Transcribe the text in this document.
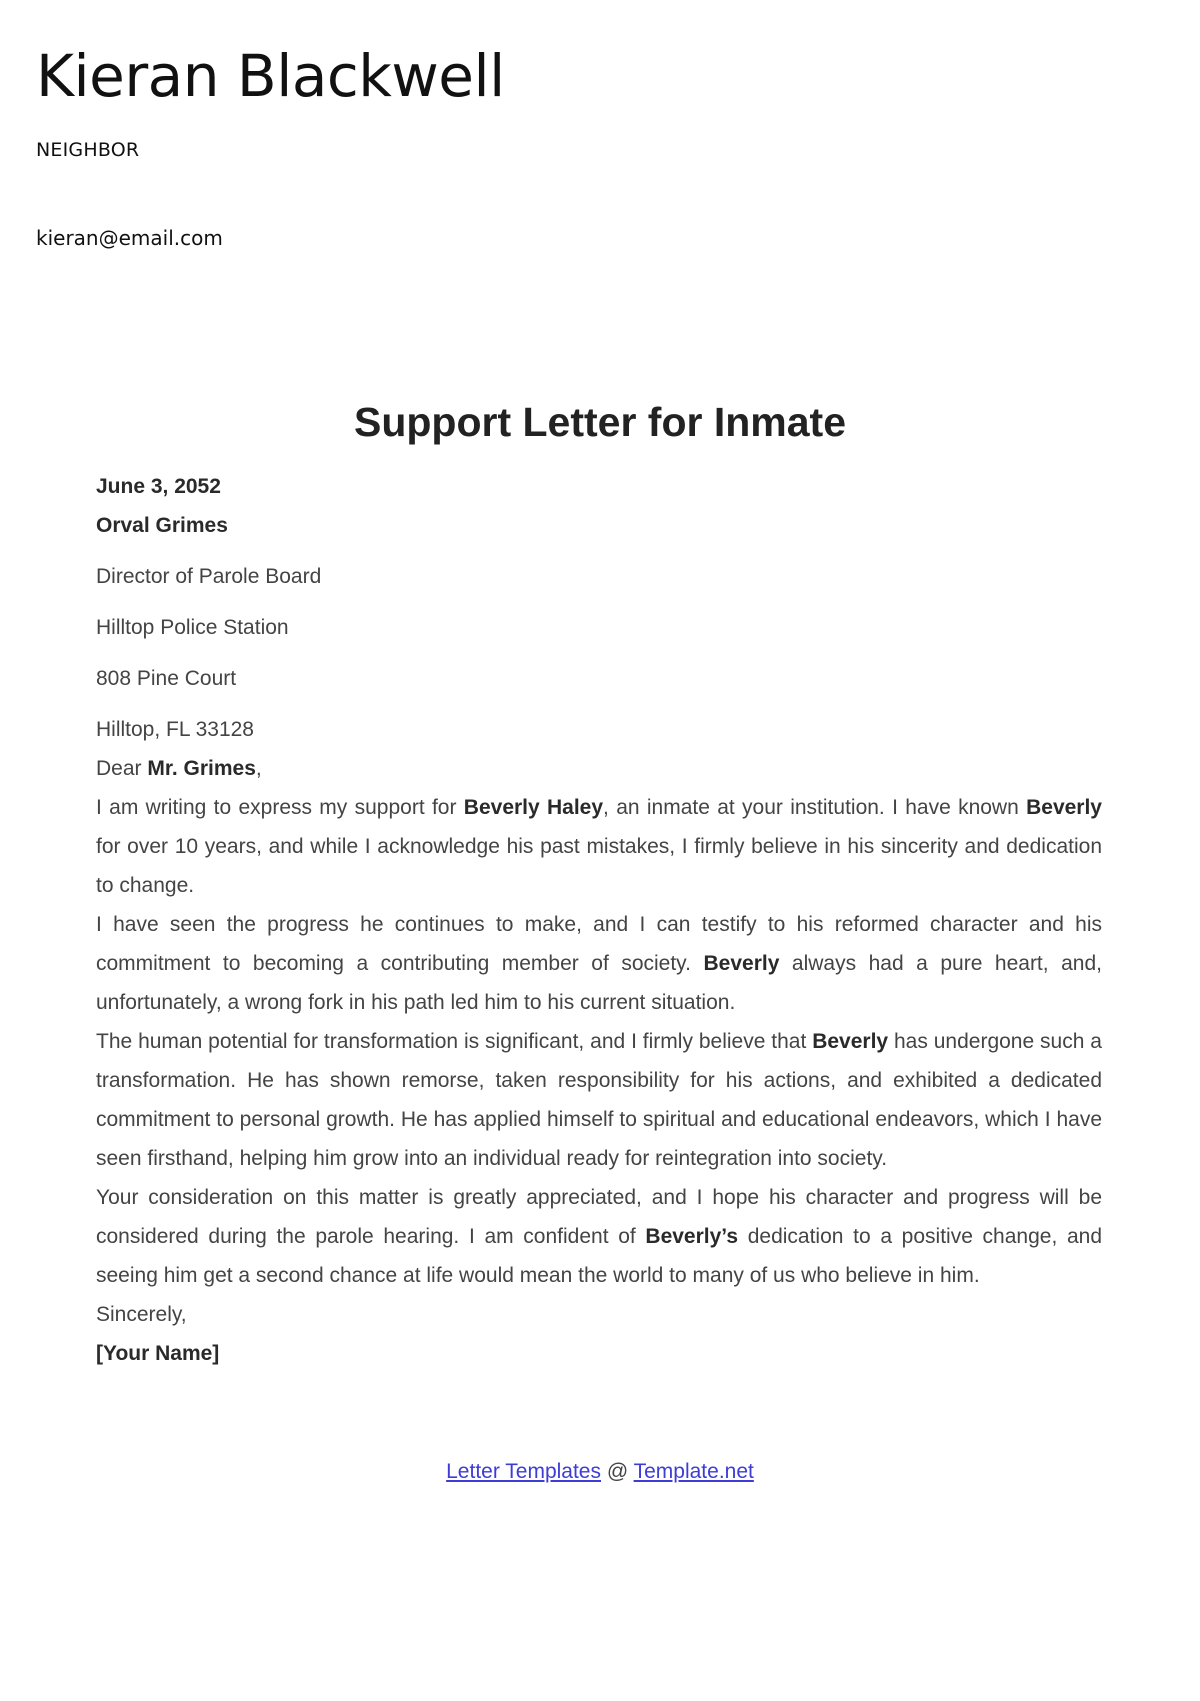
Kieran Blackwell
NEIGHBOR
kieran@email.com
Support Letter for Inmate
June 3, 2052
Orval Grimes
Director of Parole Board
Hilltop Police Station
808 Pine Court
Hilltop, FL 33128
Dear Mr. Grimes,

I am writing to express my support for Beverly Haley, an inmate at your institution. I have known Beverly for over 10 years, and while I acknowledge his past mistakes, I firmly believe in his sincerity and dedication to change.

I have seen the progress he continues to make, and I can testify to his reformed character and his commitment to becoming a contributing member of society. Beverly always had a pure heart, and, unfortunately, a wrong fork in his path led him to his current situation.

The human potential for transformation is significant, and I firmly believe that Beverly has undergone such a transformation. He has shown remorse, taken responsibility for his actions, and exhibited a dedicated commitment to personal growth. He has applied himself to spiritual and educational endeavors, which I have seen firsthand, helping him grow into an individual ready for reintegration into society.

Your consideration on this matter is greatly appreciated, and I hope his character and progress will be considered during the parole hearing. I am confident of Beverly’s dedication to a positive change, and seeing him get a second chance at life would mean the world to many of us who believe in him.

Sincerely,
[Your Name]
Letter Templates @ Template.net
